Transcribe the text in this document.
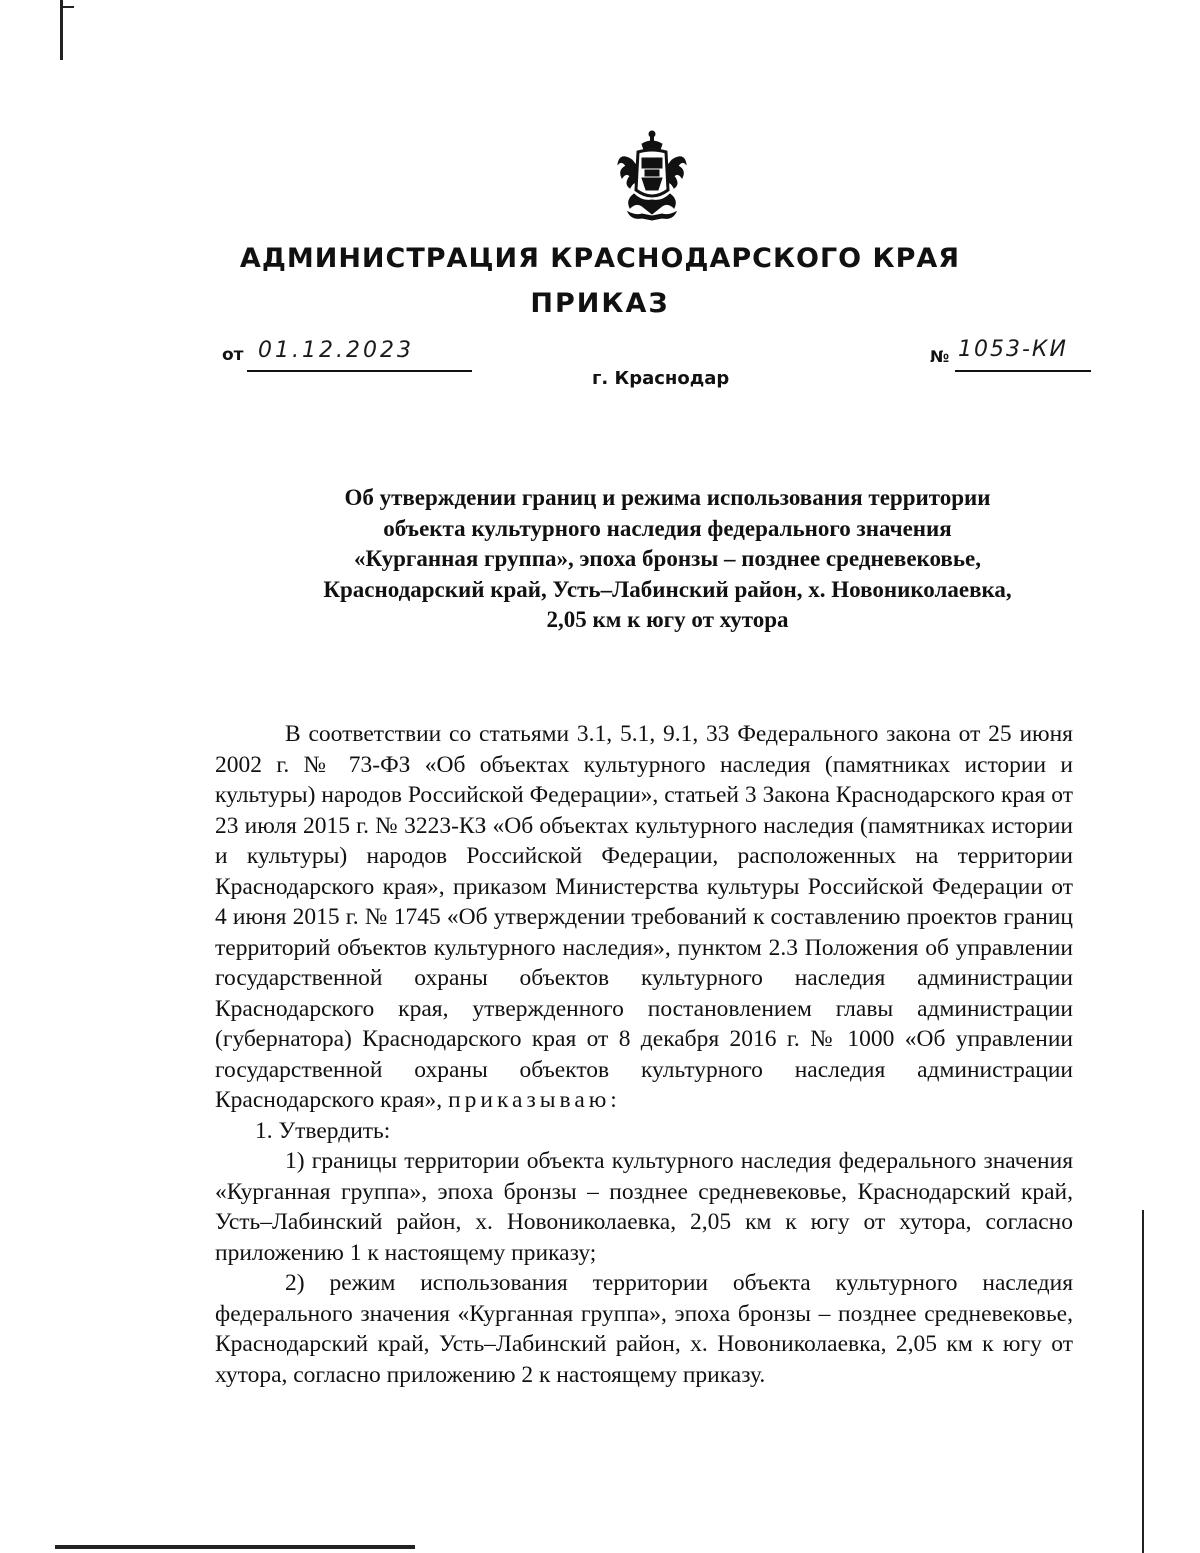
АДМИНИСТРАЦИЯ КРАСНОДАРСКОГО КРАЯ
ПРИКАЗ
от 01.12.2023	№ 1053-КИ
г. Краснодар
Об утверждении границ и режима использования территории
объекта культурного наследия федерального значения
«Курганная группа», эпоха бронзы – позднее средневековье,
Краснодарский край, Усть–Лабинский район, х. Новониколаевка,
2,05 км к югу от хутора

В соответствии со статьями 3.1, 5.1, 9.1, 33 Федерального закона от 25 июня 2002 г. № 73-ФЗ «Об объектах культурного наследия (памятниках истории и культуры) народов Российской Федерации», статьей 3 Закона Краснодарского края от 23 июля 2015 г. № 3223-КЗ «Об объектах культурного наследия (памятниках истории и культуры) народов Российской Федерации, расположенных на территории Краснодарского края», приказом Министерства культуры Российской Федерации от 4 июня 2015 г. № 1745 «Об утверждении требований к составлению проектов границ территорий объектов культурного наследия», пунктом 2.3 Положения об управлении государственной охраны объектов культурного наследия администрации Краснодарского края, утвержденного постановлением главы администрации (губернатора) Краснодарского края от 8 декабря 2016 г. № 1000 «Об управлении государственной охраны объектов культурного наследия администрации Краснодарского края», приказываю:

1. Утвердить:

1) границы территории объекта культурного наследия федерального значения «Курганная группа», эпоха бронзы – позднее средневековье, Краснодарский край, Усть–Лабинский район, х. Новониколаевка, 2,05 км к югу от хутора, согласно приложению 1 к настоящему приказу;

2) режим использования территории объекта культурного наследия федерального значения «Курганная группа», эпоха бронзы – позднее средневековье, Краснодарский край, Усть–Лабинский район, х. Новониколаевка, 2,05 км к югу от хутора, согласно приложению 2 к настоящему приказу.
